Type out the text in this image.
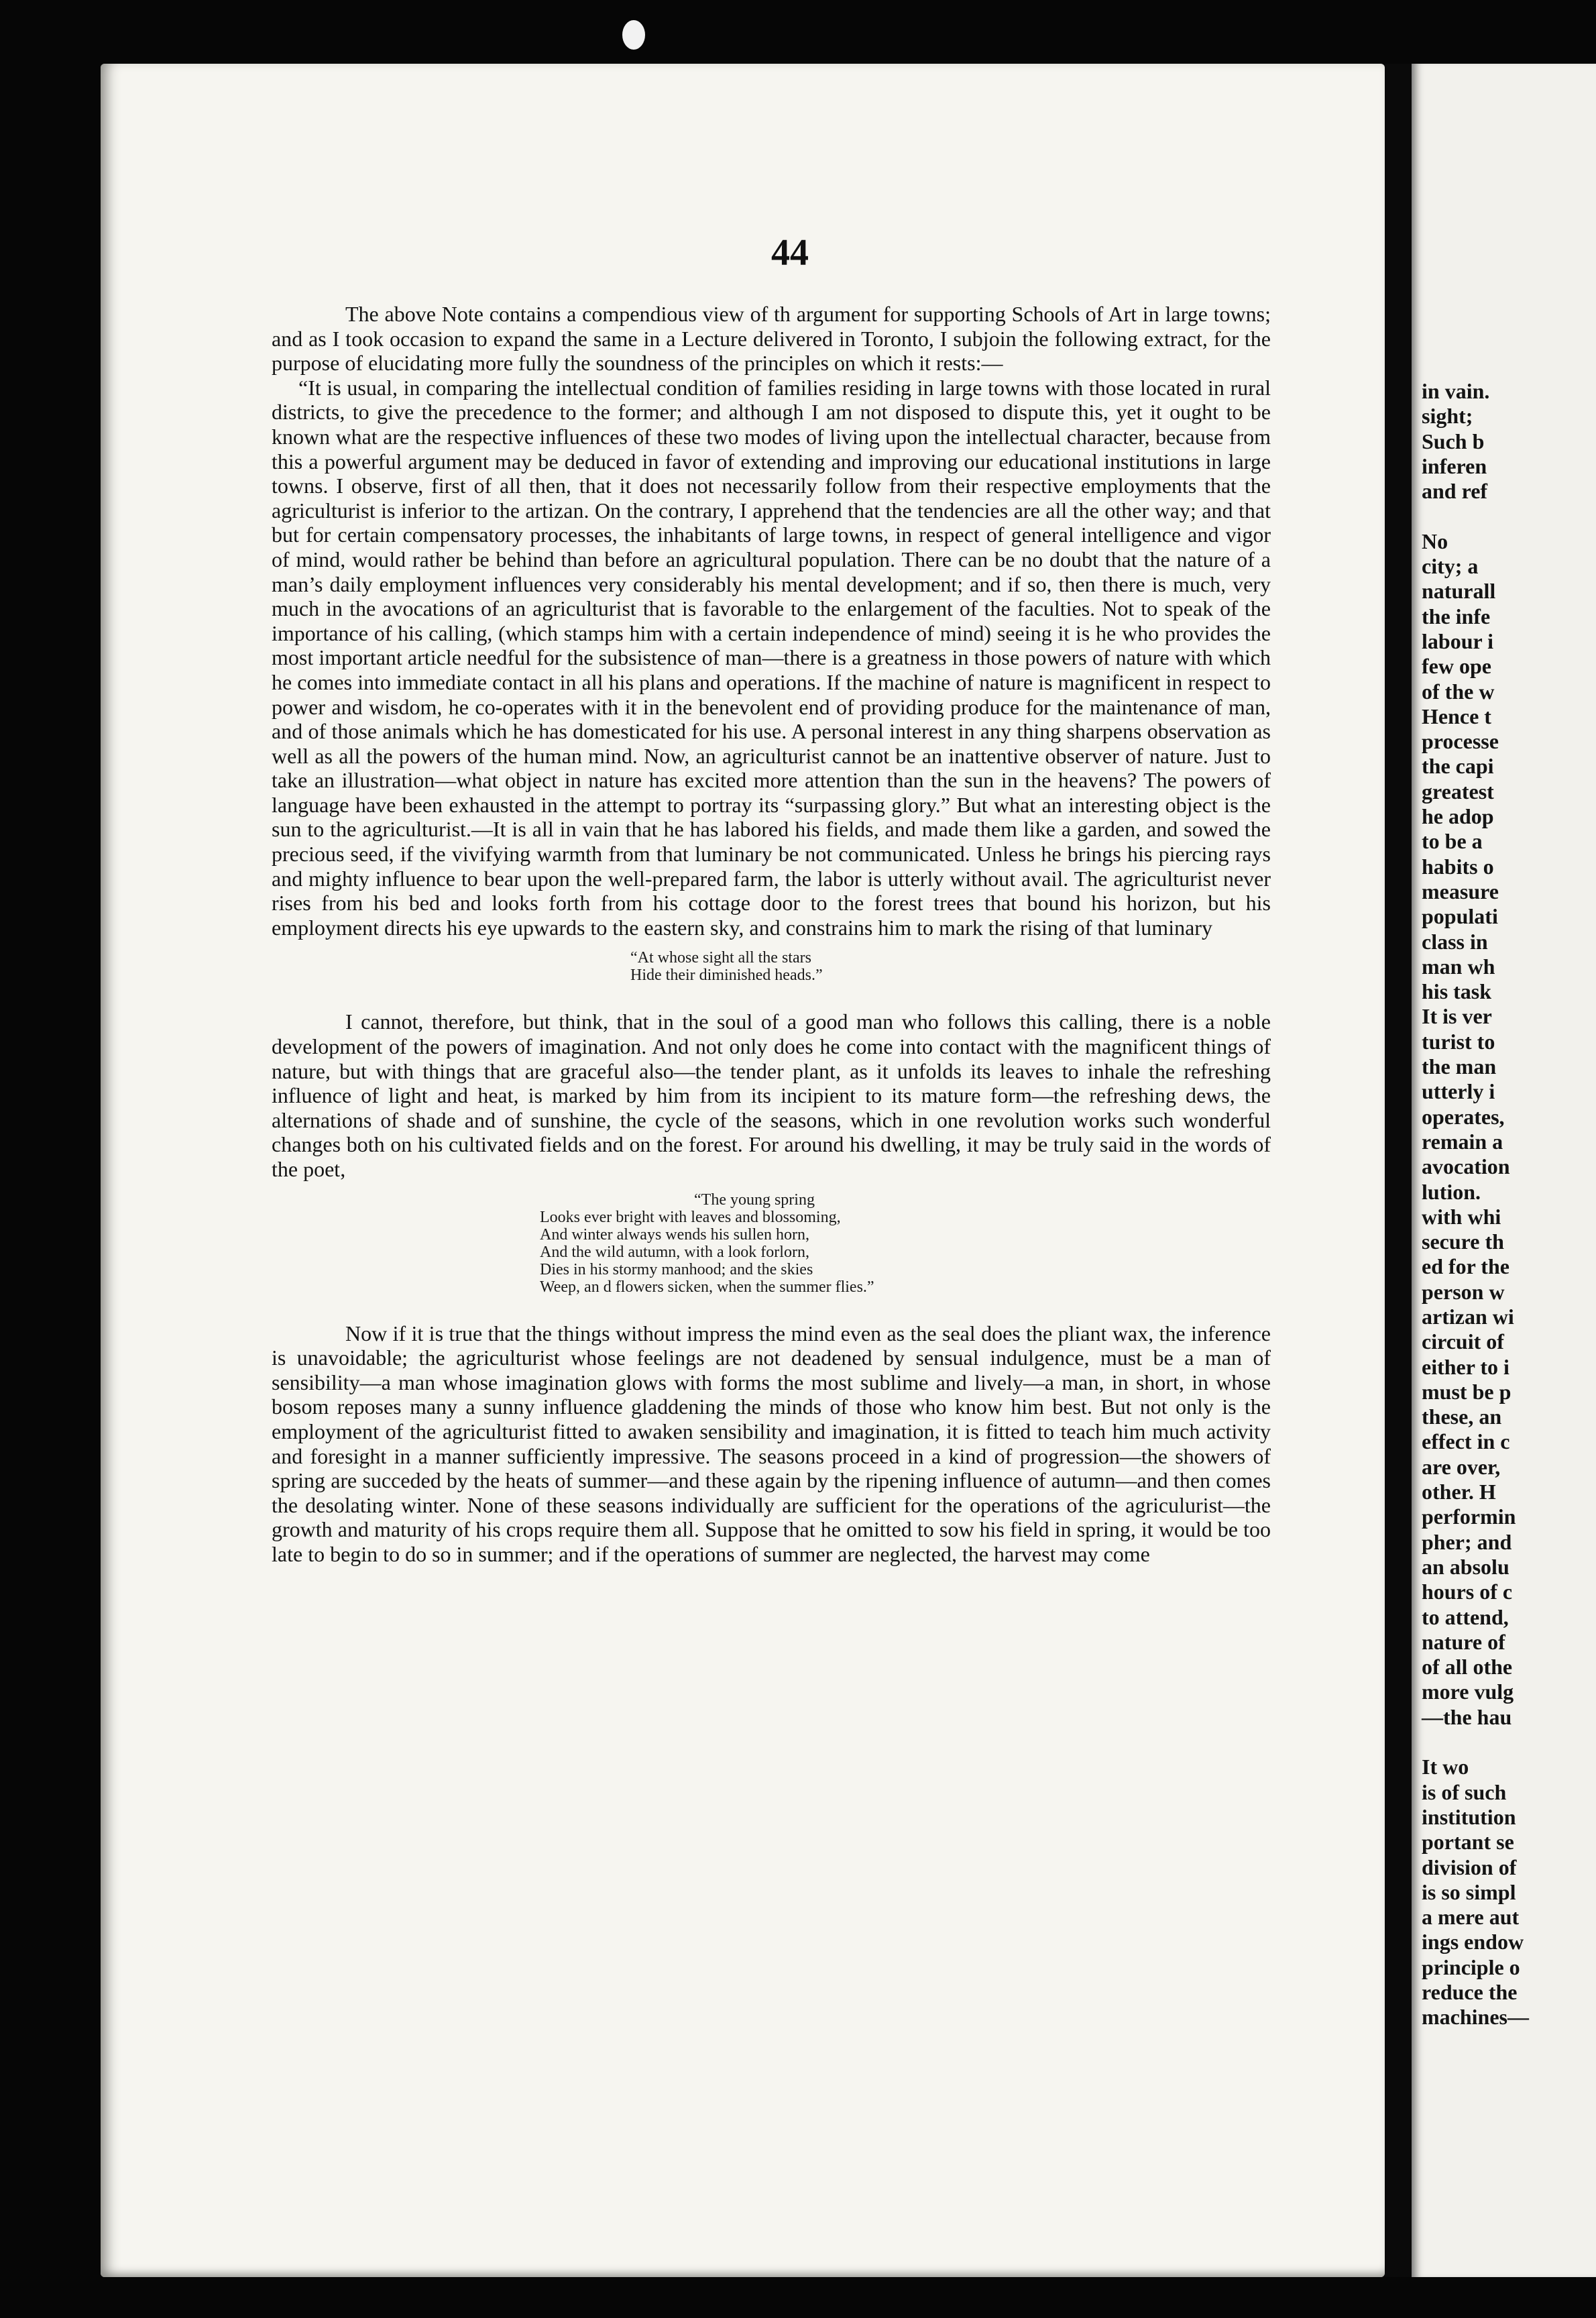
44

The above Note contains a compendious view of th argument for supporting Schools of Art in large towns; and as I took occasion to expand the same in a Lecture delivered in Toronto, I subjoin the following extract, for the purpose of elucidating more fully the soundness of the principles on which it rests:—

“It is usual, in comparing the intellectual condition of families residing in large towns with those located in rural districts, to give the precedence to the former; and although I am not disposed to dispute this, yet it ought to be known what are the respective influences of these two modes of living upon the intellectual character, because from this a powerful argument may be deduced in favor of extending and improving our educational institutions in large towns. I observe, first of all then, that it does not necessarily follow from their respective employments that the agriculturist is inferior to the artizan. On the contrary, I apprehend that the tendencies are all the other way; and that but for certain compensatory processes, the inhabitants of large towns, in respect of general intelligence and vigor of mind, would rather be behind than before an agricultural population. There can be no doubt that the nature of a man’s daily employment influences very considerably his mental development; and if so, then there is much, very much in the avocations of an agriculturist that is favorable to the enlargement of the faculties. Not to speak of the importance of his calling, (which stamps him with a certain independence of mind) seeing it is he who provides the most important article needful for the subsistence of man—there is a greatness in those powers of nature with which he comes into immediate contact in all his plans and operations. If the machine of nature is magnificent in respect to power and wisdom, he co-operates with it in the benevolent end of providing produce for the maintenance of man, and of those animals which he has domesticated for his use. A personal interest in any thing sharpens observation as well as all the powers of the human mind. Now, an agriculturist cannot be an inattentive observer of nature. Just to take an illustration—what object in nature has excited more attention than the sun in the heavens? The powers of language have been exhausted in the attempt to portray its “surpassing glory.” But what an interesting object is the sun to the agriculturist.—It is all in vain that he has labored his fields, and made them like a garden, and sowed the precious seed, if the vivifying warmth from that luminary be not communicated. Unless he brings his piercing rays and mighty influence to bear upon the well-prepared farm, the labor is utterly without avail. The agriculturist never rises from his bed and looks forth from his cottage door to the forest trees that bound his horizon, but his employment directs his eye upwards to the eastern sky, and constrains him to mark the rising of that luminary

“At whose sight all the stars
Hide their diminished heads.”

I cannot, therefore, but think, that in the soul of a good man who follows this calling, there is a noble development of the powers of imagination. And not only does he come into contact with the magnificent things of nature, but with things that are graceful also—the tender plant, as it unfolds its leaves to inhale the refreshing influence of light and heat, is marked by him from its incipient to its mature form—the refreshing dews, the alternations of shade and of sunshine, the cycle of the seasons, which in one revolution works such wonderful changes both on his cultivated fields and on the forest. For around his dwelling, it may be truly said in the words of the poet,

“The young spring
Looks ever bright with leaves and blossoming,
And winter always wends his sullen horn,
And the wild autumn, with a look forlorn,
Dies in his stormy manhood; and the skies
Weep, an d flowers sicken, when the summer flies.”

Now if it is true that the things without impress the mind even as the seal does the pliant wax, the inference is unavoidable; the agriculturist whose feelings are not deadened by sensual indulgence, must be a man of sensibility—a man whose imagination glows with forms the most sublime and lively—a man, in short, in whose bosom reposes many a sunny influence gladdening the minds of those who know him best. But not only is the employment of the agriculturist fitted to awaken sensibility and imagination, it is fitted to teach him much activity and foresight in a manner sufficiently impressive. The seasons proceed in a kind of progression—the showers of spring are succeded by the heats of summer—and these again by the ripening influence of autumn—and then comes the desolating winter. None of these seasons individually are sufficient for the operations of the agriculurist—the growth and maturity of his crops require them all. Suppose that he omitted to sow his field in spring, it would be too late to begin to do so in summer; and if the operations of summer are neglected, the harvest may come

in vain.
sight;
Such b
inferen
and ref

No
city; a
naturall
the infe
labour i
few ope
of the w
Hence t
processe
the capi
greatest
he adop
to be a
habits o
measure
populati
class in
man wh
his task
It is ver
turist to
the man
utterly i
operates,
remain a
avocation
lution.
with whi
secure th
ed for the
person w
artizan wi
circuit of
either to i
must be p
these, an
effect in c
are over,
other. H
performin
pher; and
an absolu
hours of c
to attend,
nature of
of all othe
more vulg
—the hau

It wo
is of such
institution
portant se
division of
is so simpl
a mere aut
ings endow
principle o
reduce the
machines—
